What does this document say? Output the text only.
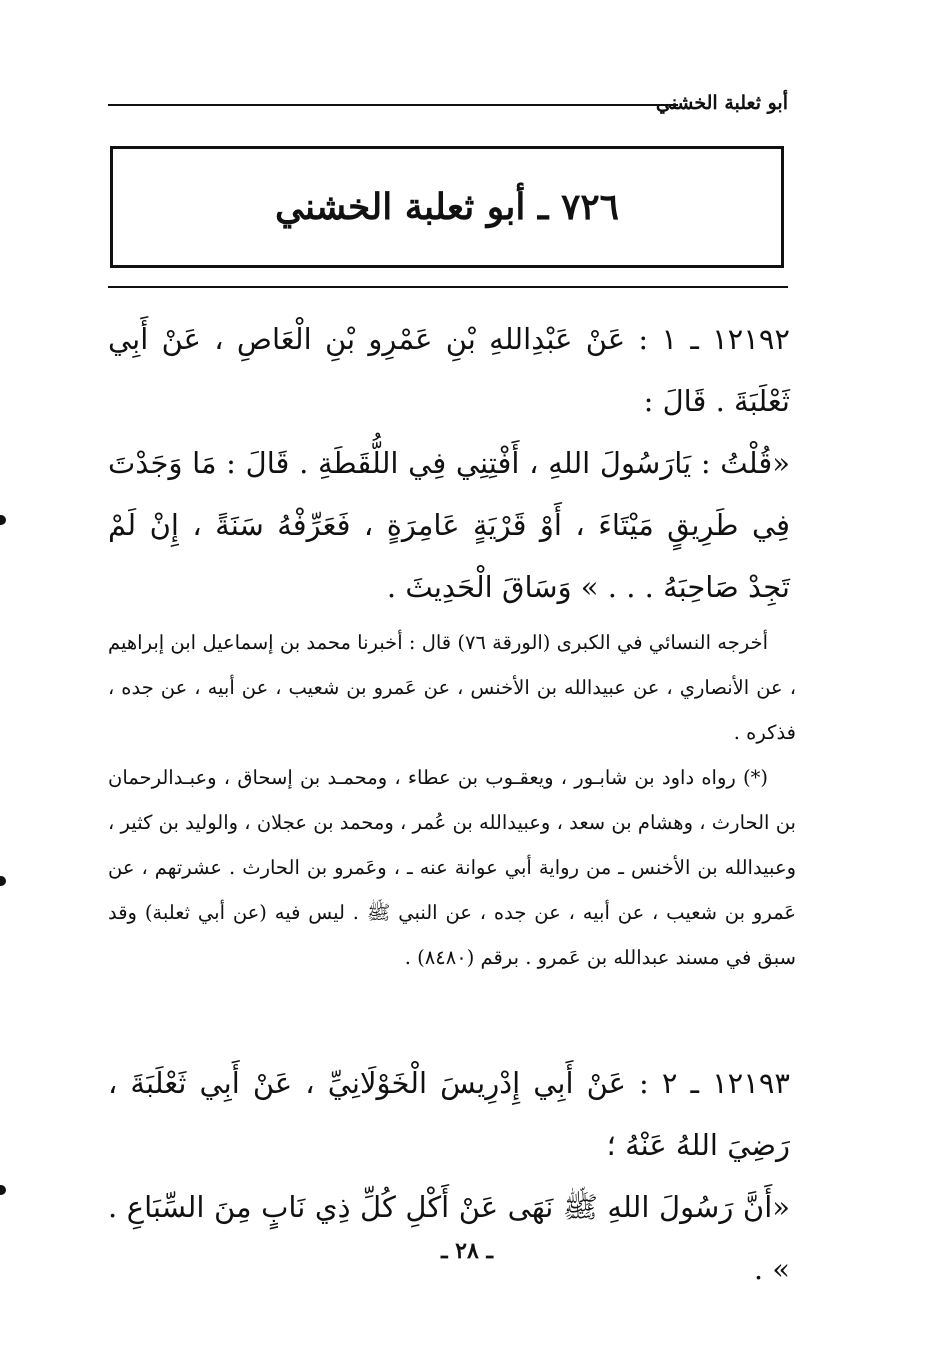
أبو ثعلبة الخشني
٧٢٦ ـ أبو ثعلبة الخشني

١٢١٩٢ ـ ١ : عَنْ عَبْدِاللهِ بْنِ عَمْرِو بْنِ الْعَاصِ ، عَنْ أَبِي ثَعْلَبَةَ . قَالَ :

«قُلْتُ : يَارَسُولَ اللهِ ، أَفْتِنِي فِي اللُّقَطَةِ . قَالَ : مَا وَجَدْتَ فِي طَرِيقٍ مَيْتَاءَ ، أَوْ قَرْيَةٍ عَامِرَةٍ ، فَعَرِّفْهُ سَنَةً ، إِنْ لَمْ تَجِدْ صَاحِبَهُ . . . » وَسَاقَ الْحَدِيثَ .

أخرجه النسائي في الكبرى (الورقة ٧٦) قال : أخبرنا محمد بن إسماعيل ابن إبراهيم ، عن الأنصاري ، عن عبيدالله بن الأخنس ، عن عَمرو بن شعيب ، عن أبيه ، عن جده ، فذكره .

(*) رواه داود بن شابـور ، ويعقـوب بن عطاء ، ومحمـد بن إسحاق ، وعبـدالرحمان بن الحارث ، وهشام بن سعد ، وعبيدالله بن عُمر ، ومحمد بن عجلان ، والوليد بن كثير ، وعبيدالله بن الأخنس ـ من رواية أبي عوانة عنه ـ ، وعَمرو بن الحارث . عشرتهم ، عن عَمرو بن شعيب ، عن أبيه ، عن جده ، عن النبي ﷺ . ليس فيه (عن أبي ثعلبة) وقد سبق في مسند عبدالله بن عَمرو . برقم (٨٤٨٠) .

١٢١٩٣ ـ ٢ : عَنْ أَبِي إِدْرِيسَ الْخَوْلَانِيِّ ، عَنْ أَبِي ثَعْلَبَةَ ، رَضِيَ اللهُ عَنْهُ ؛

«أَنَّ رَسُولَ اللهِ ﷺ نَهَى عَنْ أَكْلِ كُلِّ ذِي نَابٍ مِنَ السِّبَاعِ . » .

ـ ٢٨ ـ
